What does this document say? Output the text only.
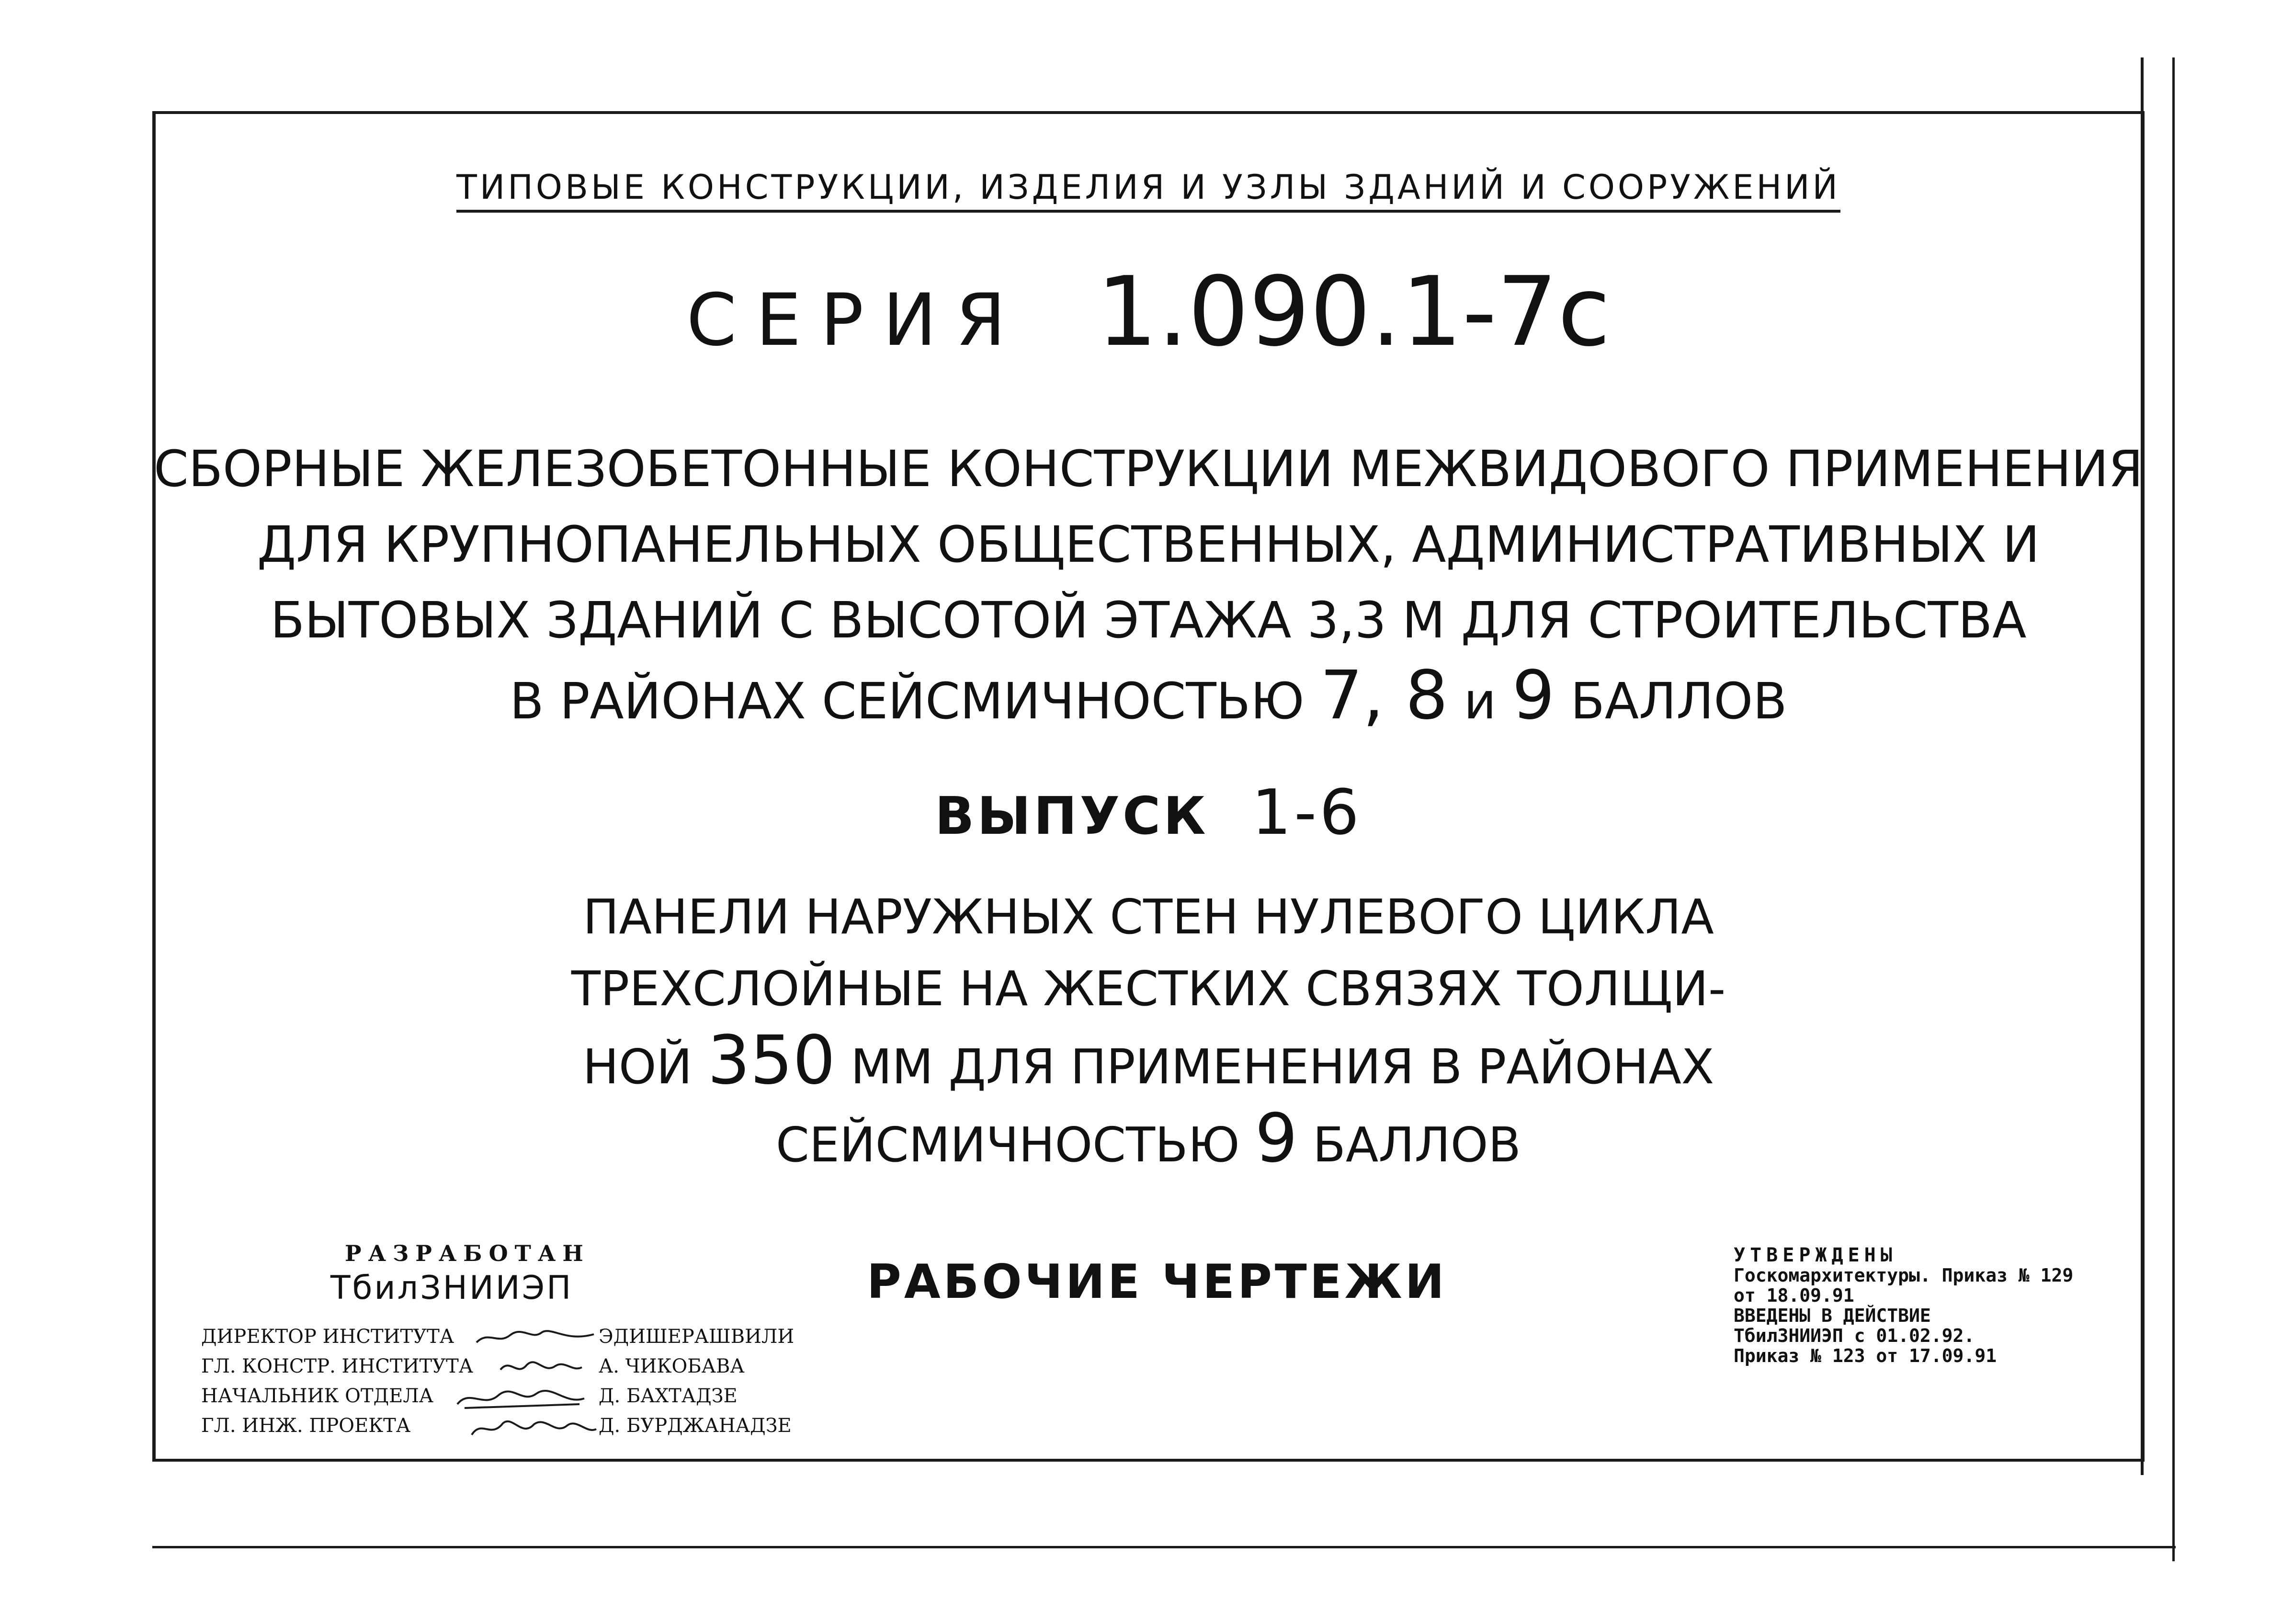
ТИПОВЫЕ КОНСТРУКЦИИ, ИЗДЕЛИЯ И УЗЛЫ ЗДАНИЙ И СООРУЖЕНИЙ
СЕРИЯ 1.090.1-7с
СБОРНЫЕ ЖЕЛЕЗОБЕТОННЫЕ КОНСТРУКЦИИ МЕЖВИДОВОГО ПРИМЕНЕНИЯ
ДЛЯ КРУПНОПАНЕЛЬНЫХ ОБЩЕСТВЕННЫХ, АДМИНИСТРАТИВНЫХ И
БЫТОВЫХ ЗДАНИЙ С ВЫСОТОЙ ЭТАЖА 3,3 М ДЛЯ СТРОИТЕЛЬСТВА
В РАЙОНАХ СЕЙСМИЧНОСТЬЮ 7, 8 и 9 БАЛЛОВ
ВЫПУСК 1-6
ПАНЕЛИ НАРУЖНЫХ СТЕН НУЛЕВОГО ЦИКЛА
ТРЕХСЛОЙНЫЕ НА ЖЕСТКИХ СВЯЗЯХ ТОЛЩИ-
НОЙ 350 ММ ДЛЯ ПРИМЕНЕНИЯ В РАЙОНАХ
СЕЙСМИЧНОСТЬЮ 9 БАЛЛОВ
РАЗРАБОТАН
ТбилЗНИИЭП
ДИРЕКТОР ИНСТИТУТА	ЭДИШЕРАШВИЛИ
ГЛ. КОНСТР. ИНСТИТУТА	А. ЧИКОБАВА
НАЧАЛЬНИК ОТДЕЛА	Д. БАХТАДЗЕ
ГЛ. ИНЖ. ПРОЕКТА	Д. БУРДЖАНАДЗЕ
РАБОЧИЕ ЧЕРТЕЖИ	УТВЕРЖДЕНЫ
Госкомархитектуры. Приказ № 129
от 18.09.91
ВВЕДЕНЫ В ДЕЙСТВИЕ
ТбилЗНИИЭП с 01.02.92.
Приказ № 123 от 17.09.91
